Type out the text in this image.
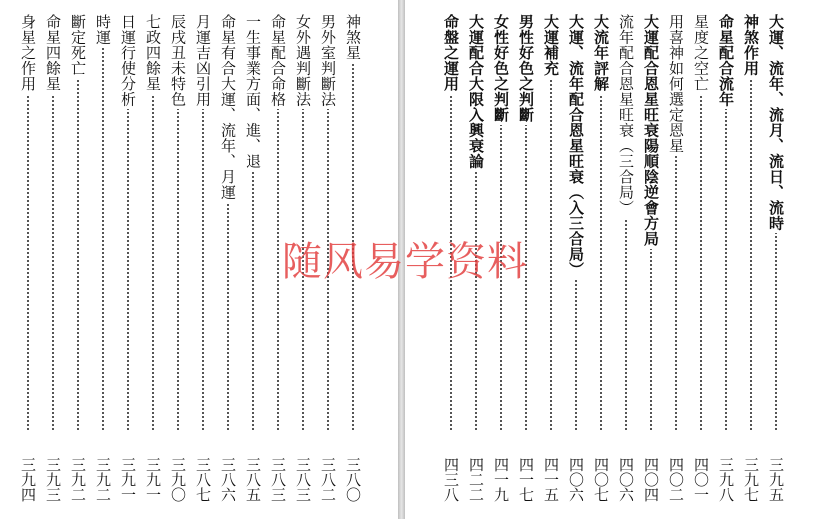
神煞星
三八〇
男外室判斷法
三八二
女外遇判斷法
三八三
命星配合命格
三八三
一生事業方面、進、退
三八五
命星有合大運、流年、月運
三八六
月運吉凶引用
三八七
辰戌丑未特色
三九〇
七政四餘星
三九一
日運行使分析
三九一
時運
三九二
斷定死亡
三九二
命星四餘星
三九三
身星之作用
三九四
大運、流年、流月、流日、流時
三九五
神煞作用
三九七
命星配合流年
三九八
星度之空亡
四〇一
用喜神如何選定恩星
四〇二
大運配合恩星旺衰陽順陰逆會方局
四〇四
流年配合恩星旺衰（三合局）
四〇六
大流年評解
四〇七
大運、流年配合恩星旺衰（入三合局）
四〇六
大運補充
四一五
男性好色之判斷
四一七
女性好色之判斷
四一九
大運配合大限入興衰論
四二二
命盤之運用
四三八
随风易学资料
